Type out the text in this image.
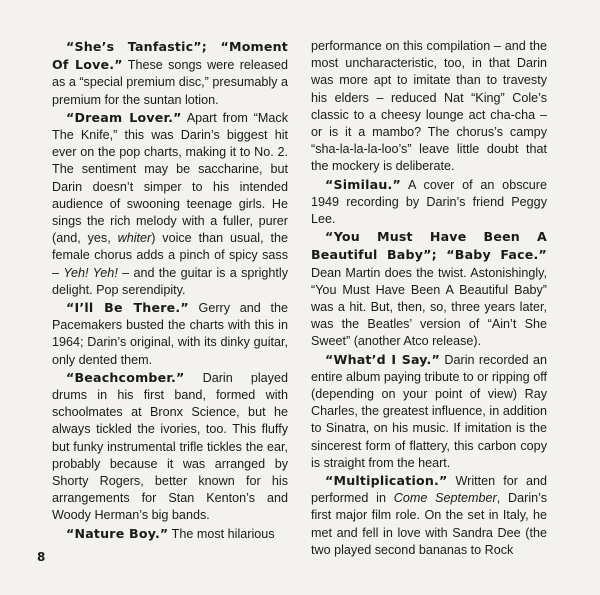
“She’s Tanfastic”; “Moment Of Love.” These songs were released as a “special premium disc,” presumably a premium for the suntan lotion.

“Dream Lover.” Apart from “Mack The Knife,” this was Darin’s biggest hit ever on the pop charts, making it to No. 2. The sentiment may be saccharine, but Darin doesn’t simper to his intended audience of swooning teenage girls. He sings the rich melody with a fuller, purer (and, yes, whiter) voice than usual, the female chorus adds a pinch of spicy sass – Yeh! Yeh! – and the guitar is a sprightly delight. Pop serendipity.

“I’ll Be There.” Gerry and the Pacemakers busted the charts with this in 1964; Darin’s original, with its dinky guitar, only dented them.

“Beachcomber.” Darin played drums in his first band, formed with schoolmates at Bronx Science, but he always tickled the ivories, too. This fluffy but funky instrumental trifle tickles the ear, probably because it was arranged by Shorty Rogers, better known for his arrangements for Stan Kenton’s and Woody Herman’s big bands.

“Nature Boy.” The most hilarious

performance on this compilation – and the most uncharacteristic, too, in that Darin was more apt to imitate than to travesty his elders – reduced Nat “King” Cole’s classic to a cheesy lounge act cha-cha – or is it a mambo? The chorus’s campy “sha-la-la-la-loo’s” leave little doubt that the mockery is deliberate.

“Similau.” A cover of an obscure 1949 recording by Darin’s friend Peggy Lee.

“You Must Have Been A Beautiful Baby”; “Baby Face.” Dean Martin does the twist. Astonishingly, “You Must Have Been A Beautiful Baby” was a hit. But, then, so, three years later, was the Beatles’ version of “Ain’t She Sweet” (another Atco release).

“What’d I Say.” Darin recorded an entire album paying tribute to or ripping off (depending on your point of view) Ray Charles, the greatest influence, in addition to Sinatra, on his music. If imitation is the sincerest form of flattery, this carbon copy is straight from the heart.

“Multiplication.” Written for and performed in Come September, Darin’s first major film role. On the set in Italy, he met and fell in love with Sandra Dee (the two played second bananas to Rock

8
